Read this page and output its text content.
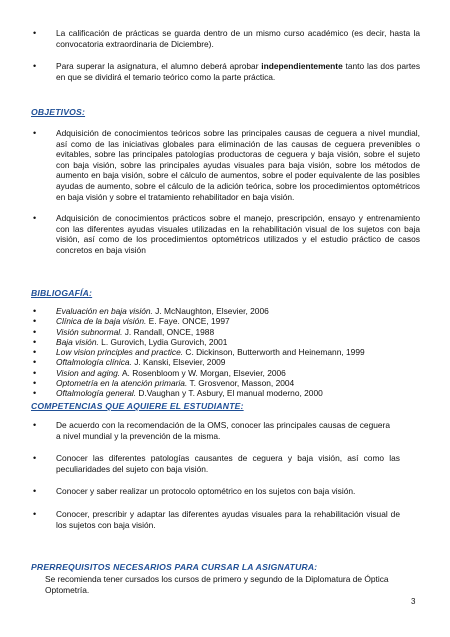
• La calificación de prácticas se guarda dentro de un mismo curso académico (es decir, hasta la convocatoria extraordinaria de Diciembre).
• Para superar la asignatura, el alumno deberá aprobar independientemente tanto las dos partes en que se dividirá el temario teórico como la parte práctica.
OBJETIVOS:
• Adquisición de conocimientos teóricos sobre las principales causas de ceguera a nivel mundial, así como de las iniciativas globales para eliminación de las causas de ceguera prevenibles o evitables, sobre las principales patologías productoras de ceguera y baja visión, sobre el sujeto con baja visión, sobre las principales ayudas visuales para baja visión, sobre los métodos de aumento en baja visión, sobre el cálculo de aumentos, sobre el poder equivalente de las posibles ayudas de aumento, sobre el cálculo de la adición teórica, sobre los procedimientos optométricos en baja visión y sobre el tratamiento rehabilitador en baja visión.
• Adquisición de conocimientos prácticos sobre el manejo, prescripción, ensayo y entrenamiento con las diferentes ayudas visuales utilizadas en la rehabilitación visual de los sujetos con baja visión, así como de los procedimientos optométricos utilizados y el estudio práctico de casos concretos en baja visión
BIBLIOGAFÍA:
• Evaluación en baja visión. J. McNaughton, Elsevier, 2006
• Clínica de la baja visión. E. Faye. ONCE, 1997
• Visión subnormal. J. Randall, ONCE, 1988
• Baja visión. L. Gurovich, Lydia Gurovich, 2001
• Low vision principles and practice. C. Dickinson, Butterworth and Heinemann, 1999
• Oftalmología clínica. J. Kanski, Elsevier, 2009
• Vision and aging. A. Rosenbloom y W. Morgan, Elsevier, 2006
• Optometría en la atención primaria. T. Grosvenor, Masson, 2004
• Oftalmología general. D.Vaughan y T. Asbury, El manual moderno, 2000
COMPETENCIAS QUE AQUIERE EL ESTUDIANTE:
• De acuerdo con la recomendación de la OMS, conocer las principales causas de ceguera a nivel mundial y la prevención de la misma.
• Conocer las diferentes patologías causantes de ceguera y baja visión, así como las peculiaridades del sujeto con baja visión.
• Conocer y saber realizar un protocolo optométrico en los sujetos con baja visión.
• Conocer, prescribir y adaptar las diferentes ayudas visuales para la rehabilitación visual de los sujetos con baja visión.
PRERREQUISITOS NECESARIOS PARA CURSAR LA ASIGNATURA:
Se recomienda tener cursados los cursos de primero y segundo de la Diplomatura de Óptica Optometría.
3
